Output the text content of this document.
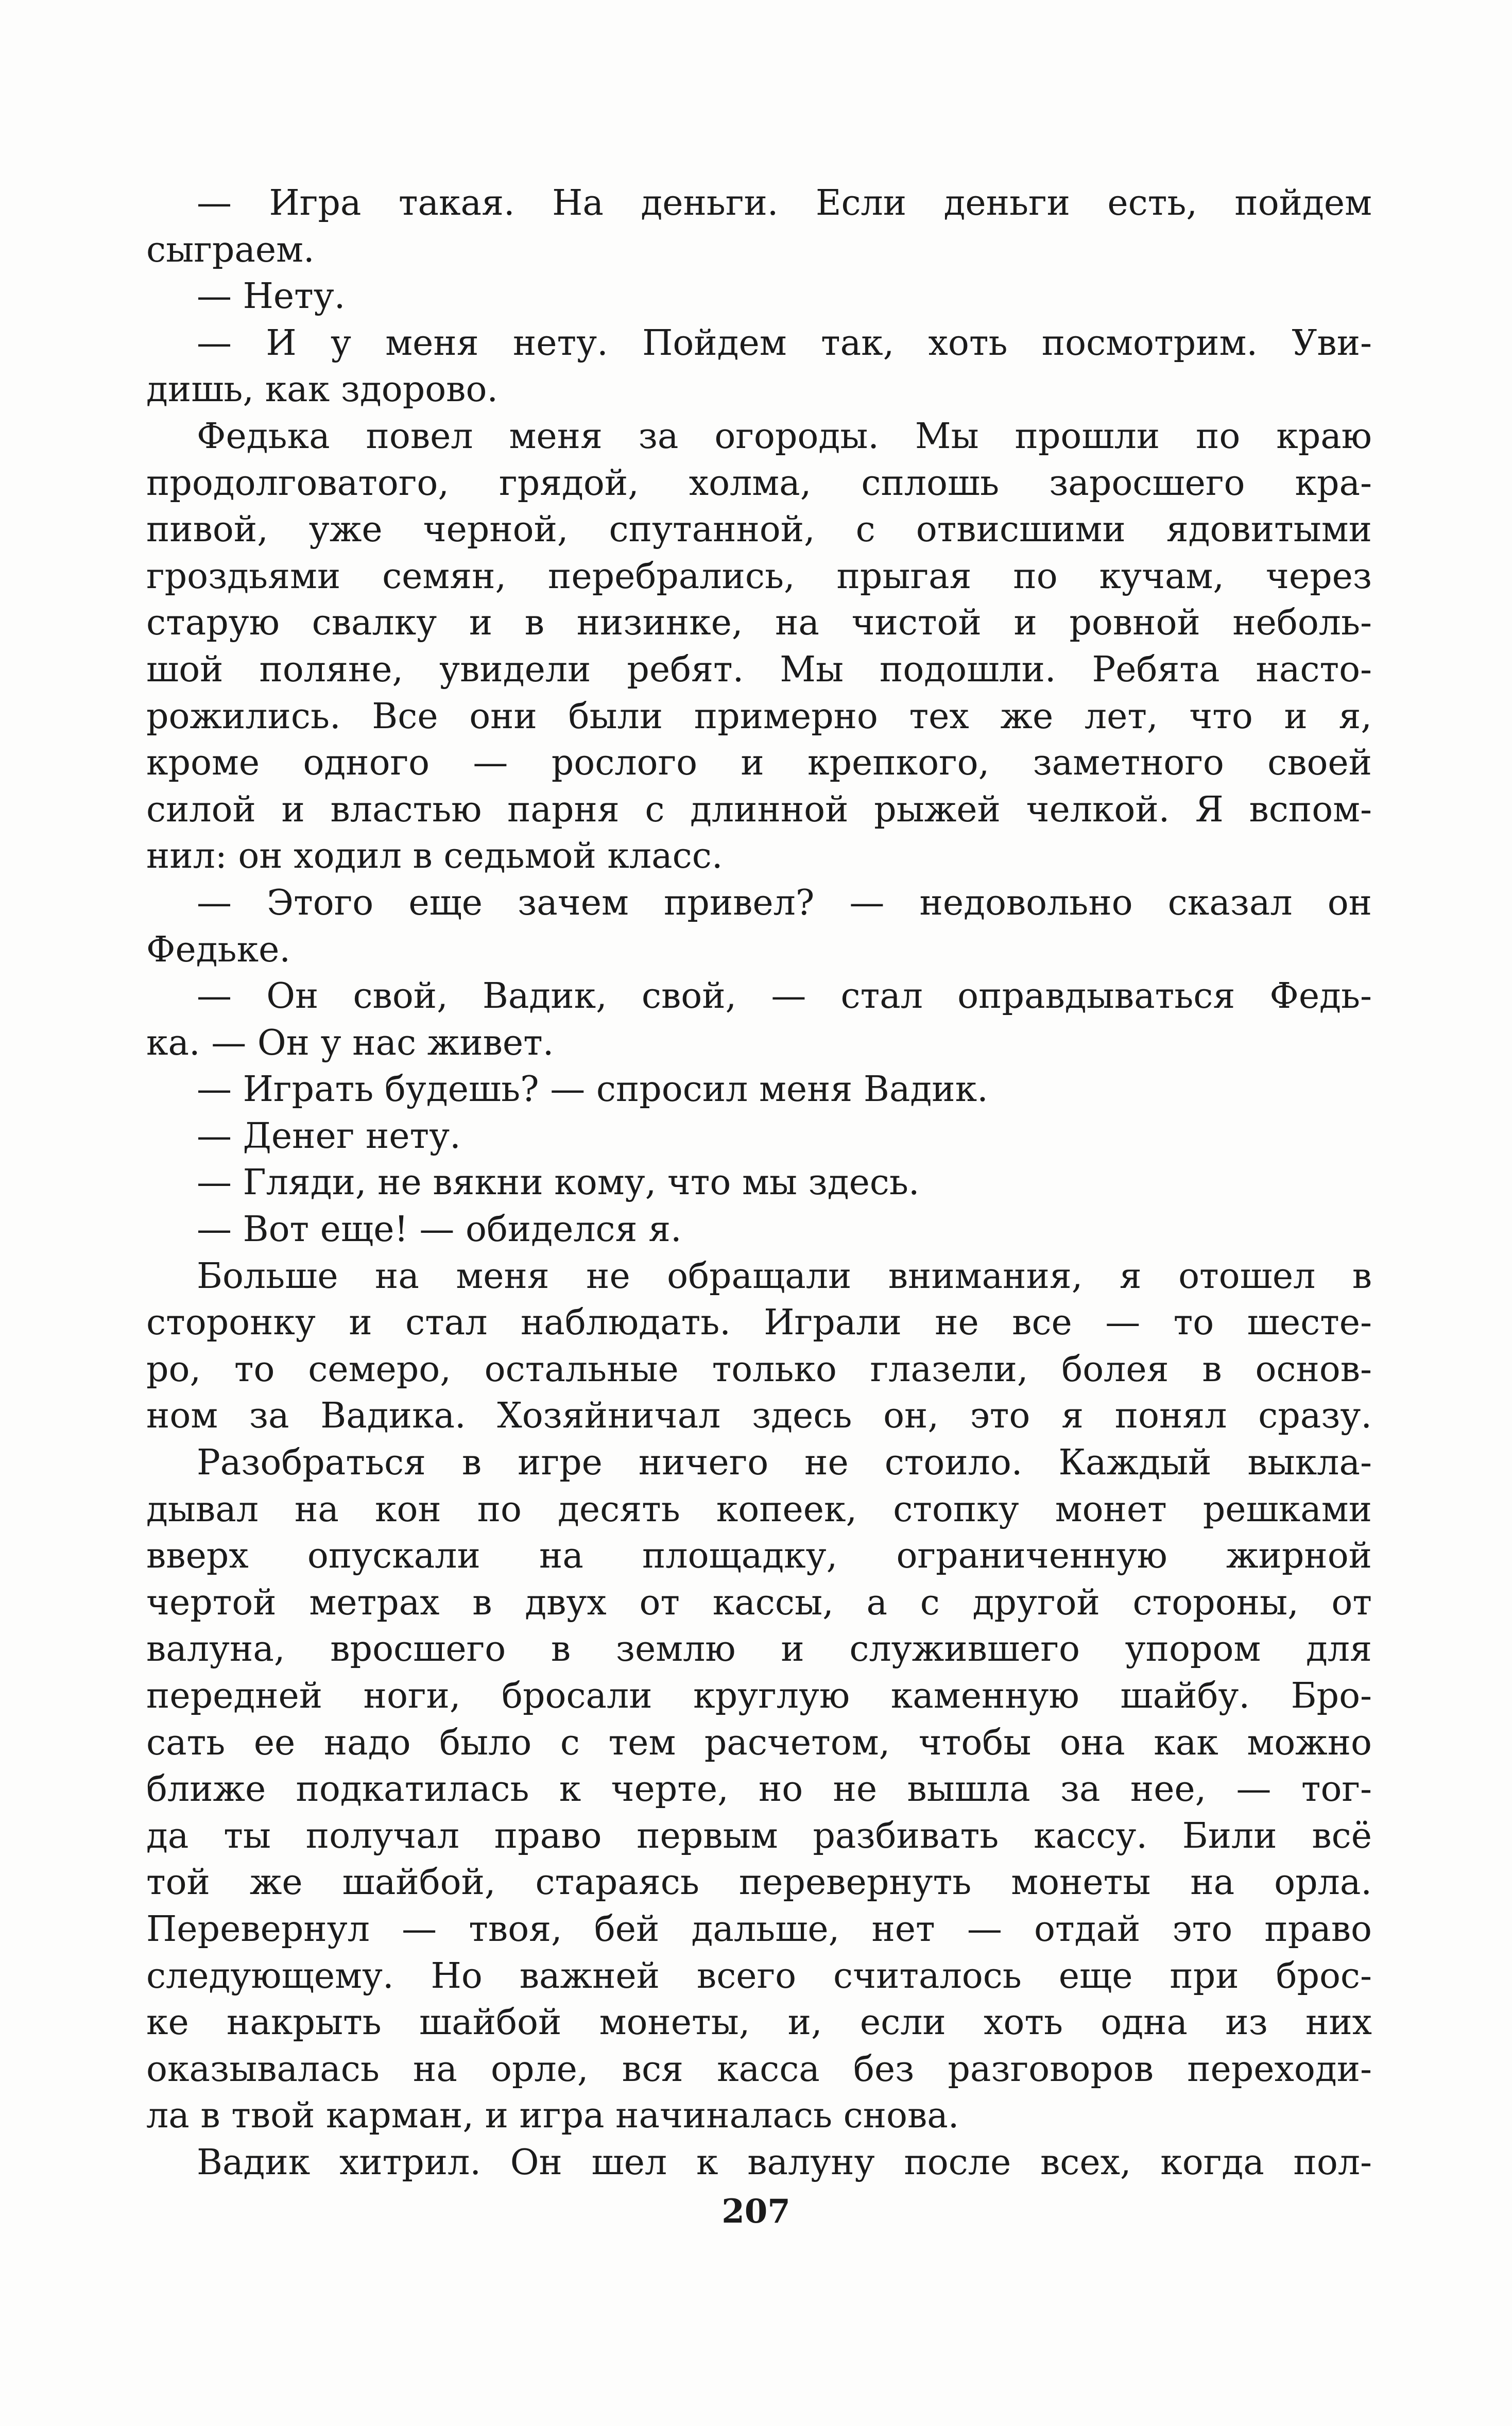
— Игра такая. На деньги. Если деньги есть, пойдем
сыграем.
— Нету.
— И у меня нету. Пойдем так, хоть посмотрим. Уви-
дишь, как здорово.
Федька повел меня за огороды. Мы прошли по краю
продолговатого, грядой, холма, сплошь заросшего кра-
пивой, уже черной, спутанной, с отвисшими ядовитыми
гроздьями семян, перебрались, прыгая по кучам, через
старую свалку и в низинке, на чистой и ровной неболь-
шой поляне, увидели ребят. Мы подошли. Ребята насто-
рожились. Все они были примерно тех же лет, что и я,
кроме одного — рослого и крепкого, заметного своей
силой и властью парня с длинной рыжей челкой. Я вспом-
нил: он ходил в седьмой класс.
— Этого еще зачем привел? — недовольно сказал он
Федьке.
— Он свой, Вадик, свой, — стал оправдываться Федь-
ка. — Он у нас живет.
— Играть будешь? — спросил меня Вадик.
— Денег нету.
— Гляди, не вякни кому, что мы здесь.
— Вот еще! — обиделся я.
Больше на меня не обращали внимания, я отошел в
сторонку и стал наблюдать. Играли не все — то шесте-
ро, то семеро, остальные только глазели, болея в основ-
ном за Вадика. Хозяйничал здесь он, это я понял сразу.
Разобраться в игре ничего не стоило. Каждый выкла-
дывал на кон по десять копеек, стопку монет решками
вверх опускали на площадку, ограниченную жирной
чертой метрах в двух от кассы, а с другой стороны, от
валуна, вросшего в землю и служившего упором для
передней ноги, бросали круглую каменную шайбу. Бро-
сать ее надо было с тем расчетом, чтобы она как можно
ближе подкатилась к черте, но не вышла за нее, — тог-
да ты получал право первым разбивать кассу. Били всё
той же шайбой, стараясь перевернуть монеты на орла.
Перевернул — твоя, бей дальше, нет — отдай это право
следующему. Но важней всего считалось еще при брос-
ке накрыть шайбой монеты, и, если хоть одна из них
оказывалась на орле, вся касса без разговоров переходи-
ла в твой карман, и игра начиналась снова.
Вадик хитрил. Он шел к валуну после всех, когда пол-
207
